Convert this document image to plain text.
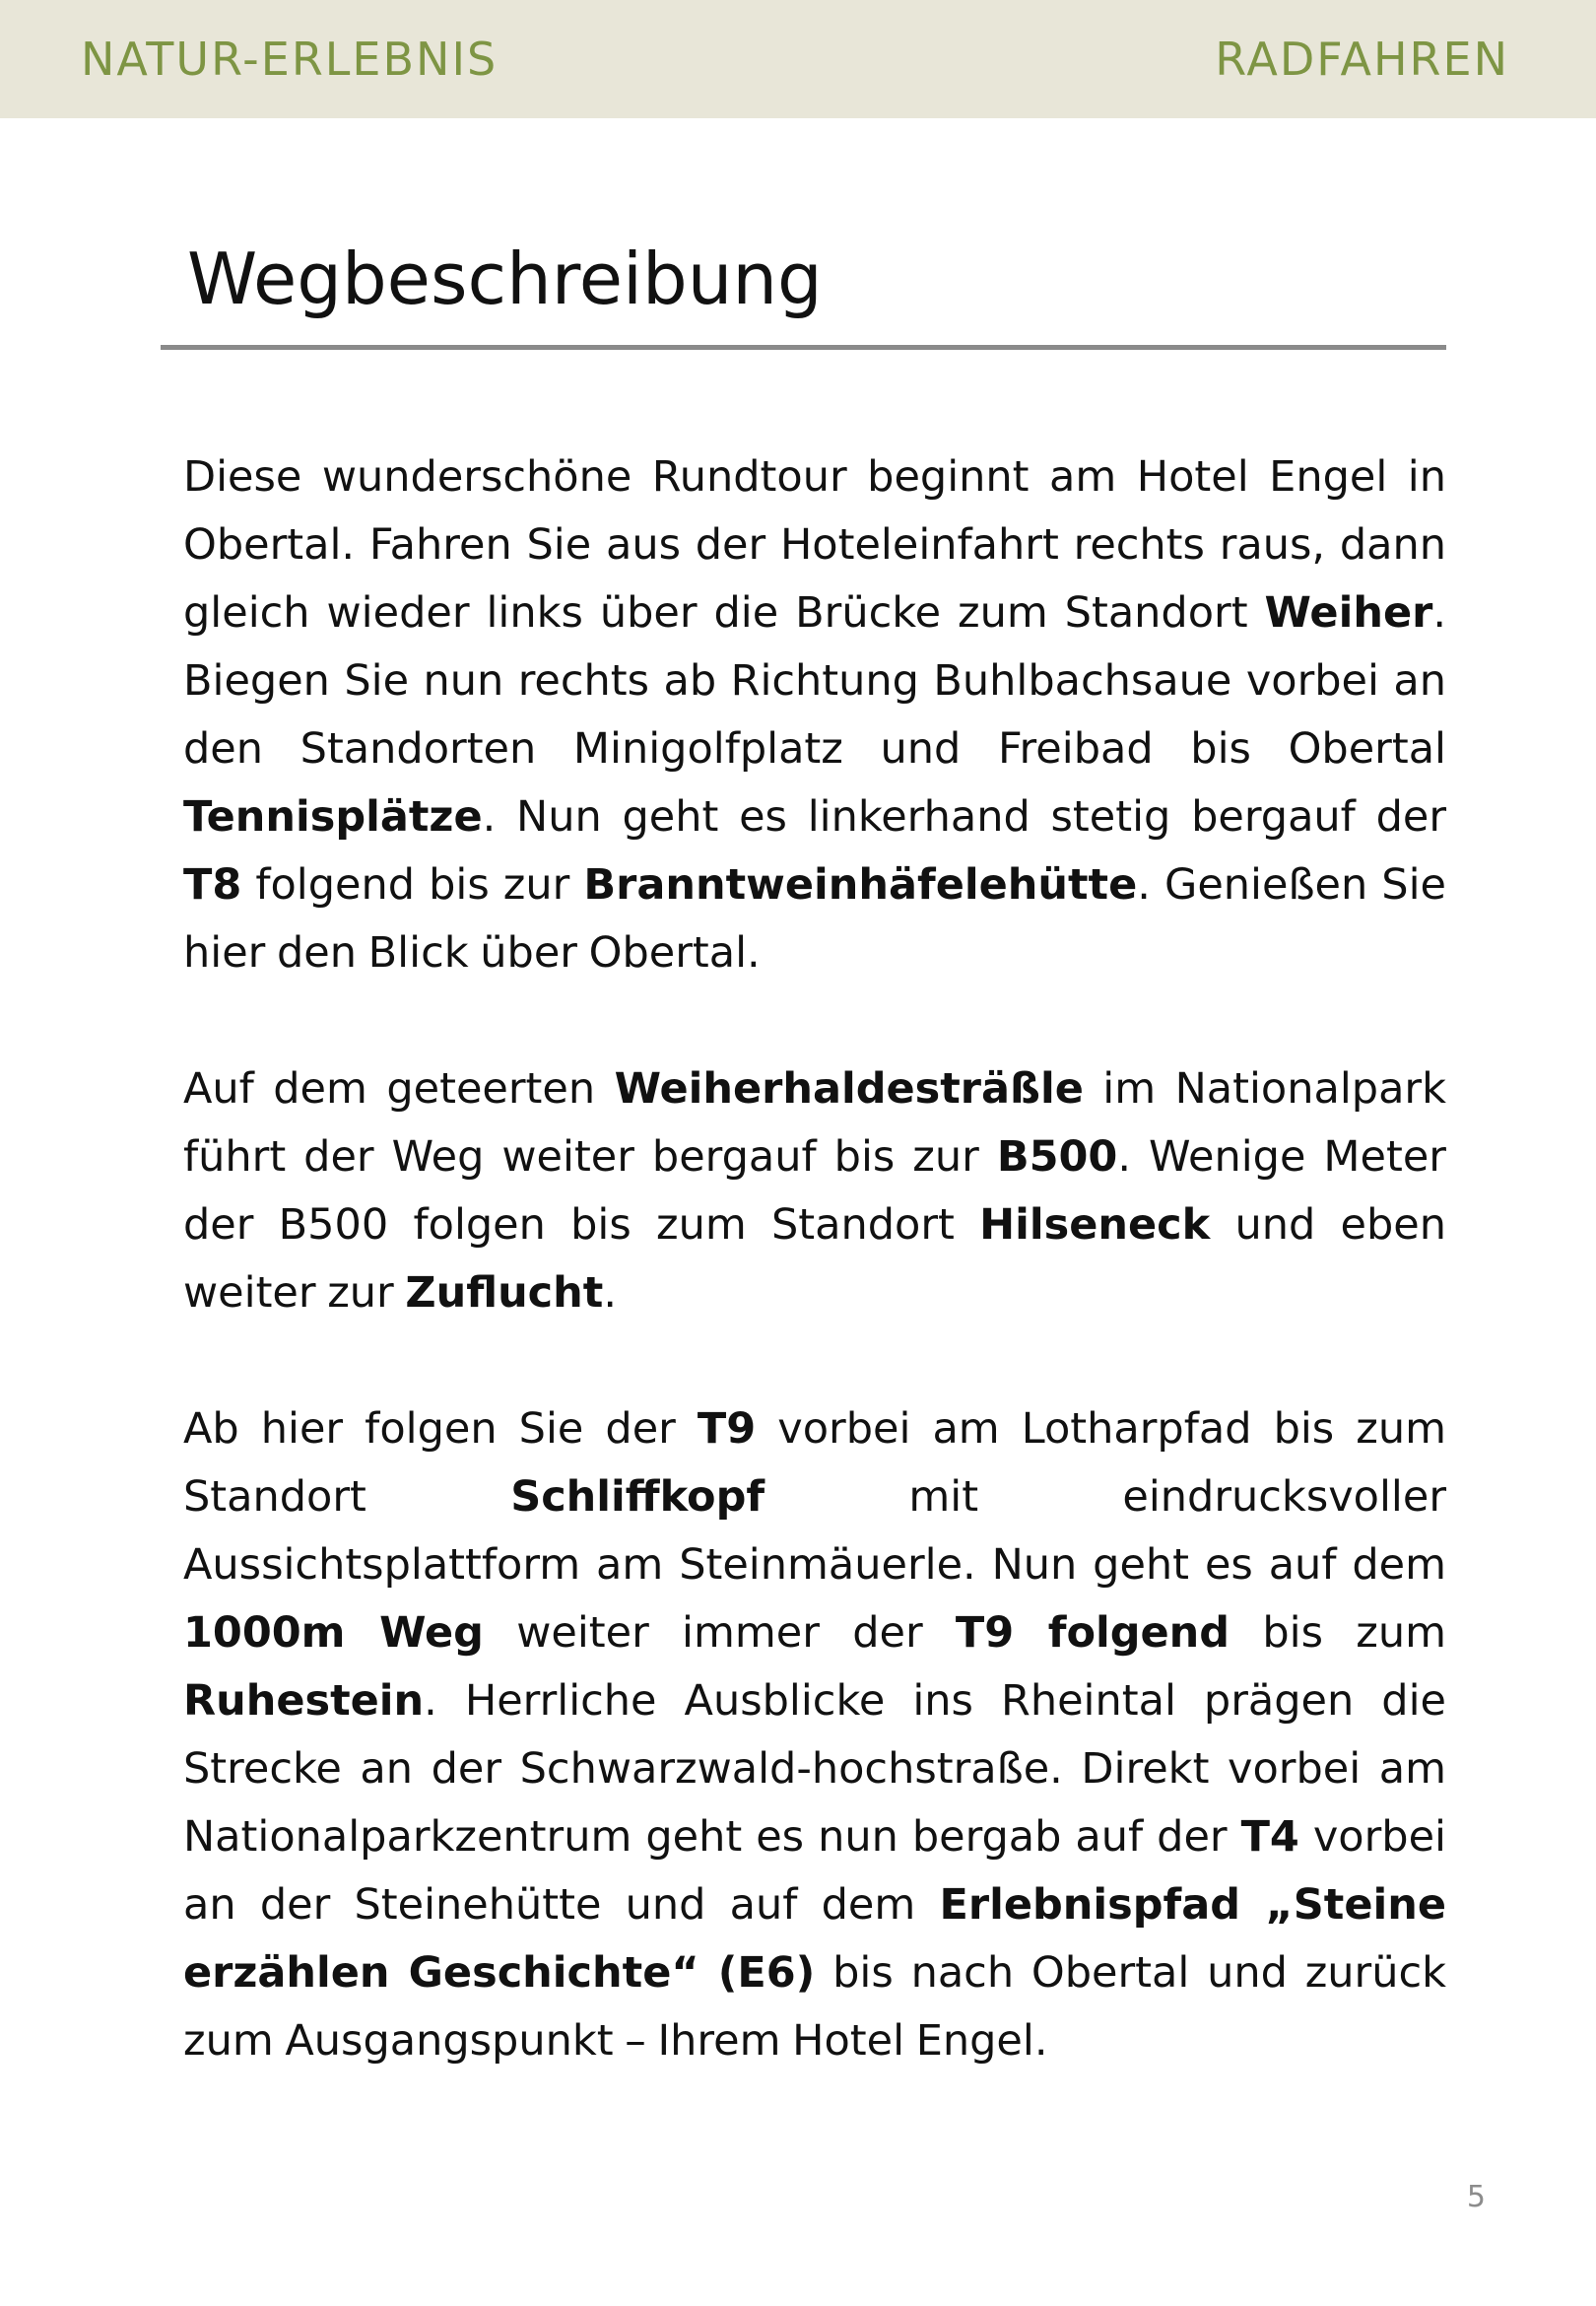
NATUR-ERLEBNIS	RADFAHREN
Wegbeschreibung

Diese wunderschöne Rundtour beginnt am Hotel Engel in Obertal. Fahren Sie aus der Hoteleinfahrt rechts raus, dann gleich wieder links über die Brücke zum Standort Weiher. Biegen Sie nun rechts ab Richtung Buhlbachsaue vorbei an den Standorten Minigolfplatz und Freibad bis Obertal Tennisplätze. Nun geht es linkerhand stetig bergauf der T8 folgend bis zur Branntweinhäfelehütte. Genießen Sie hier den Blick über Obertal.

Auf dem geteerten Weiherhaldesträßle im Nationalpark führt der Weg weiter bergauf bis zur B500. Wenige Meter der B500 folgen bis zum Standort Hilseneck und eben weiter zur Zuflucht.

Ab hier folgen Sie der T9 vorbei am Lotharpfad bis zum Standort Schliffkopf mit eindrucksvoller Aussichtsplattform am Steinmäuerle. Nun geht es auf dem 1000m Weg weiter immer der T9 folgend bis zum Ruhestein. Herrliche Ausblicke ins Rheintal prägen die Strecke an der Schwarzwald-hochstraße. Direkt vorbei am Nationalparkzentrum geht es nun bergab auf der T4 vorbei an der Steinehütte und auf dem Erlebnispfad „Steine erzählen Geschichte“ (E6) bis nach Obertal und zurück zum Ausgangspunkt – Ihrem Hotel Engel.

5
